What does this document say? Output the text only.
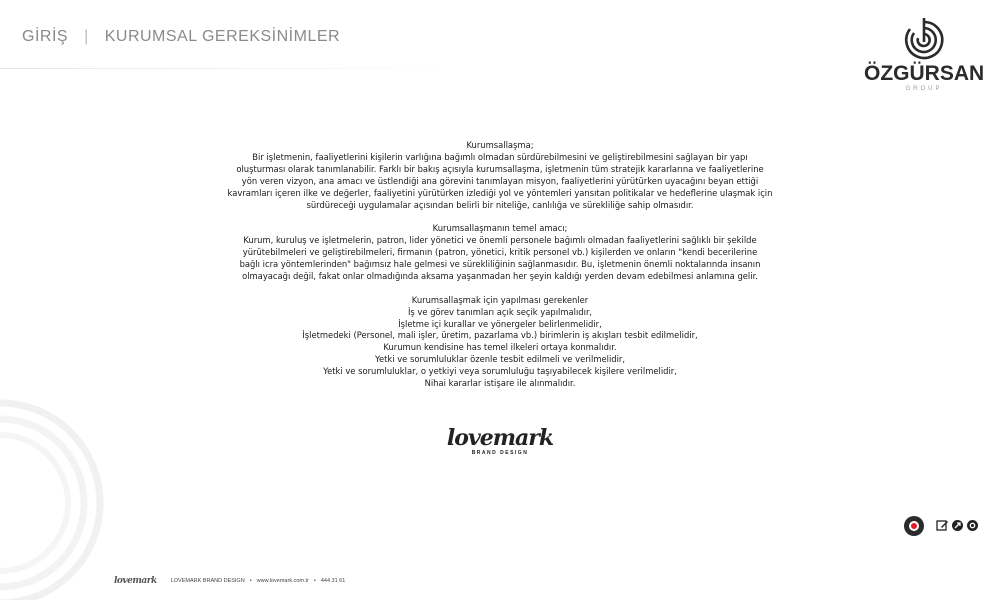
GİRİŞ | KURUMSAL GEREKSİNİMLER
ÖZGÜRSAN
GROUP
Kurumsallaşma;
Bir işletmenin, faaliyetlerini kişilerin varlığına bağımlı olmadan sürdürebilmesini ve geliştirebilmesini sağlayan bir yapı
oluşturması olarak tanımlanabilir. Farklı bir bakış açısıyla kurumsallaşma, işletmenin tüm stratejik kararlarına ve faaliyetlerine
yön veren vizyon, ana amacı ve üstlendiği ana görevini tanımlayan misyon, faaliyetlerini yürütürken uyacağını beyan ettiği
kavramları içeren ilke ve değerler, faaliyetini yürütürken izlediği yol ve yöntemleri yansıtan politikalar ve hedeflerine ulaşmak için
sürdüreceği uygulamalar açısından belirli bir niteliğe, canlılığa ve sürekliliğe sahip olmasıdır.
Kurumsallaşmanın temel amacı;
Kurum, kuruluş ve işletmelerin, patron, lider yönetici ve önemli personele bağımlı olmadan faaliyetlerini sağlıklı bir şekilde
yürütebilmeleri ve geliştirebilmeleri, firmanın (patron, yönetici, kritik personel vb.) kişilerden ve onların "kendi becerilerine
bağlı icra yöntemlerinden" bağımsız hale gelmesi ve sürekliliğinin sağlanmasıdır. Bu, işletmenin önemli noktalarında insanın
olmayacağı değil, fakat onlar olmadığında aksama yaşanmadan her şeyin kaldığı yerden devam edebilmesi anlamına gelir.
Kurumsallaşmak için yapılması gerekenler
İş ve görev tanımları açık seçik yapılmalıdır,
İşletme içi kurallar ve yönergeler belirlenmelidir,
İşletmedeki (Personel, mali işler, üretim, pazarlama vb.) birimlerin iş akışları tesbit edilmelidir,
Kurumun kendisine has temel ilkeleri ortaya konmalıdır.
Yetki ve sorumluluklar özenle tesbit edilmeli ve verilmelidir,
Yetki ve sorumluluklar, o yetkiyi veya sorumluluğu taşıyabilecek kişilere verilmelidir,
Nihai kararlar istişare ile alınmalıdır.
lovemark
BRAND DESIGN
lovemark	LOVEMARK BRAND DESIGN • www.lovemark.com.tr • 444 31 61
